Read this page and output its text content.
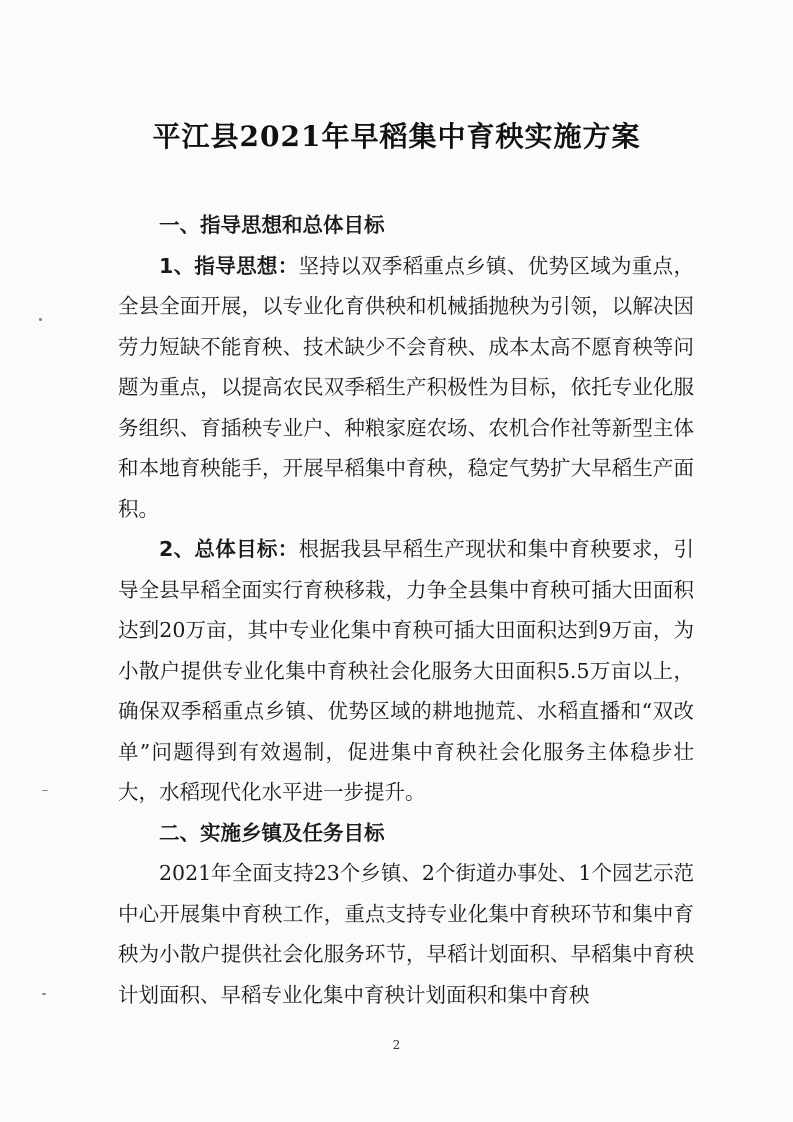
平江县2021年早稻集中育秧实施方案

一、指导思想和总体目标

1、指导思想：坚持以双季稻重点乡镇、优势区域为重点，全县全面开展，以专业化育供秧和机械插抛秧为引领，以解决因劳力短缺不能育秧、技术缺少不会育秧、成本太高不愿育秧等问题为重点，以提高农民双季稻生产积极性为目标，依托专业化服务组织、育插秧专业户、种粮家庭农场、农机合作社等新型主体和本地育秧能手，开展早稻集中育秧，稳定气势扩大早稻生产面积。

2、总体目标：根据我县早稻生产现状和集中育秧要求，引导全县早稻全面实行育秧移栽，力争全县集中育秧可插大田面积达到20万亩，其中专业化集中育秧可插大田面积达到9万亩，为小散户提供专业化集中育秧社会化服务大田面积5.5万亩以上，确保双季稻重点乡镇、优势区域的耕地抛荒、水稻直播和“双改单”问题得到有效遏制，促进集中育秧社会化服务主体稳步壮大，水稻现代化水平进一步提升。

二、实施乡镇及任务目标

2021年全面支持23个乡镇、2个街道办事处、1个园艺示范中心开展集中育秧工作，重点支持专业化集中育秧环节和集中育秧为小散户提供社会化服务环节，早稻计划面积、早稻集中育秧计划面积、早稻专业化集中育秧计划面积和集中育秧

2
